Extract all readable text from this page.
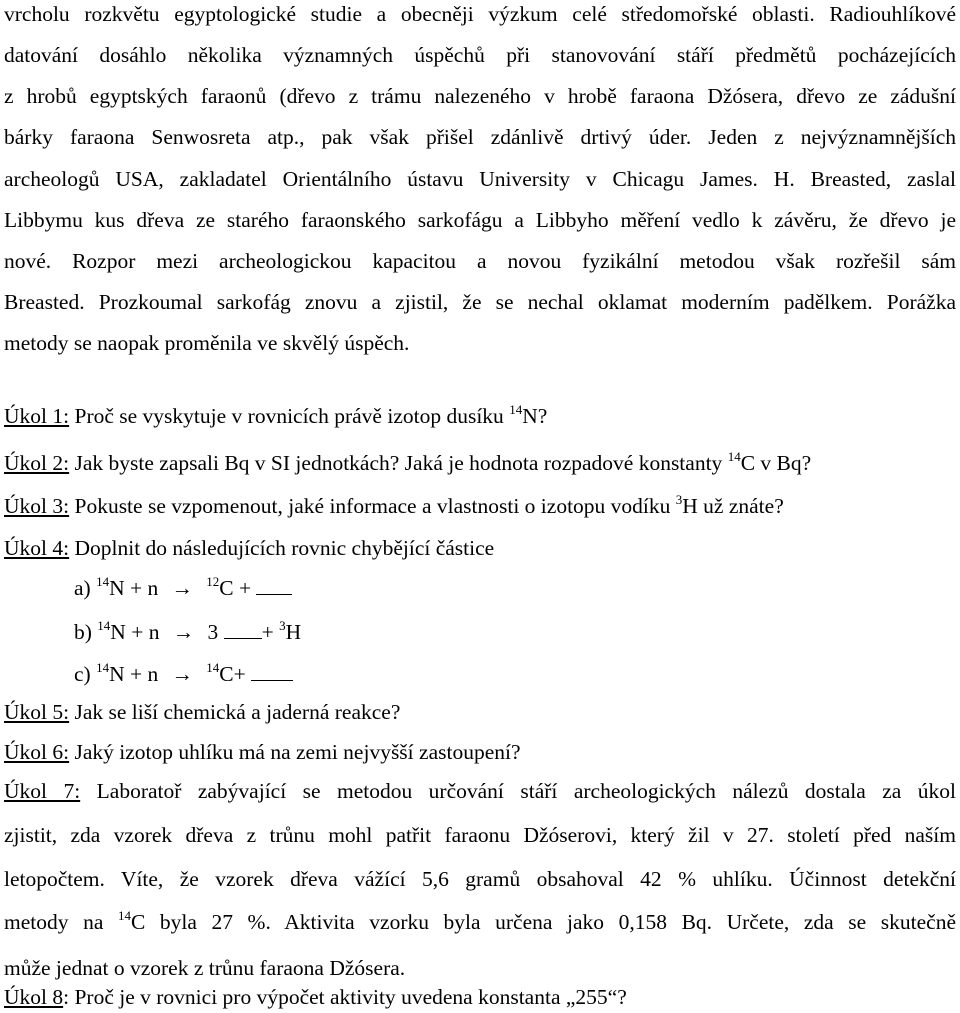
vrcholu rozkvětu egyptologické studie a obecněji výzkum celé středomořské oblasti. Radiouhlíkové
datování dosáhlo několika významných úspěchů při stanovování stáří předmětů pocházejících
z hrobů egyptských faraonů (dřevo z trámu nalezeného v hrobě faraona Džósera, dřevo ze zádušní
bárky faraona Senwosreta atp., pak však přišel zdánlivě drtivý úder. Jeden z nejvýznamnějších
archeologů USA, zakladatel Orientálního ústavu University v Chicagu James. H. Breasted, zaslal
Libbymu kus dřeva ze starého faraonského sarkofágu a Libbyho měření vedlo k závěru, že dřevo je
nové. Rozpor mezi archeologickou kapacitou a novou fyzikální metodou však rozřešil sám
Breasted. Prozkoumal sarkofág znovu a zjistil, že se nechal oklamat moderním padělkem. Porážka
metody se naopak proměnila ve skvělý úspěch.
Úkol 1: Proč se vyskytuje v rovnicích právě izotop dusíku $^{14}$N?
Úkol 2: Jak byste zapsali Bq v SI jednotkách? Jaká je hodnota rozpadové konstanty $^{14}$C v Bq?
Úkol 3: Pokuste se vzpomenout, jaké informace a vlastnosti o izotopu vodíku $^3$H už znáte?
Úkol 4: Doplnit do následujících rovnic chybějící částice
a) $^{14}$N + n → $^{12}$C +
b) $^{14}$N + n → 3 + $^3$H
c) $^{14}$N + n → $^{14}$C+
Úkol 5: Jak se liší chemická a jaderná reakce?
Úkol 6: Jaký izotop uhlíku má na zemi nejvyšší zastoupení?
Úkol 7: Laboratoř zabývající se metodou určování stáří archeologických nálezů dostala za úkol
zjistit, zda vzorek dřeva z trůnu mohl patřit faraonu Džóserovi, který žil v 27. století před naším
letopočtem. Víte, že vzorek dřeva vážící 5,6 gramů obsahoval 42 % uhlíku. Účinnost detekční
metody na $^{14}$C byla 27 %. Aktivita vzorku byla určena jako 0,158 Bq. Určete, zda se skutečně
může jednat o vzorek z trůnu faraona Džósera.
Úkol 8: Proč je v rovnici pro výpočet aktivity uvedena konstanta „255“?
